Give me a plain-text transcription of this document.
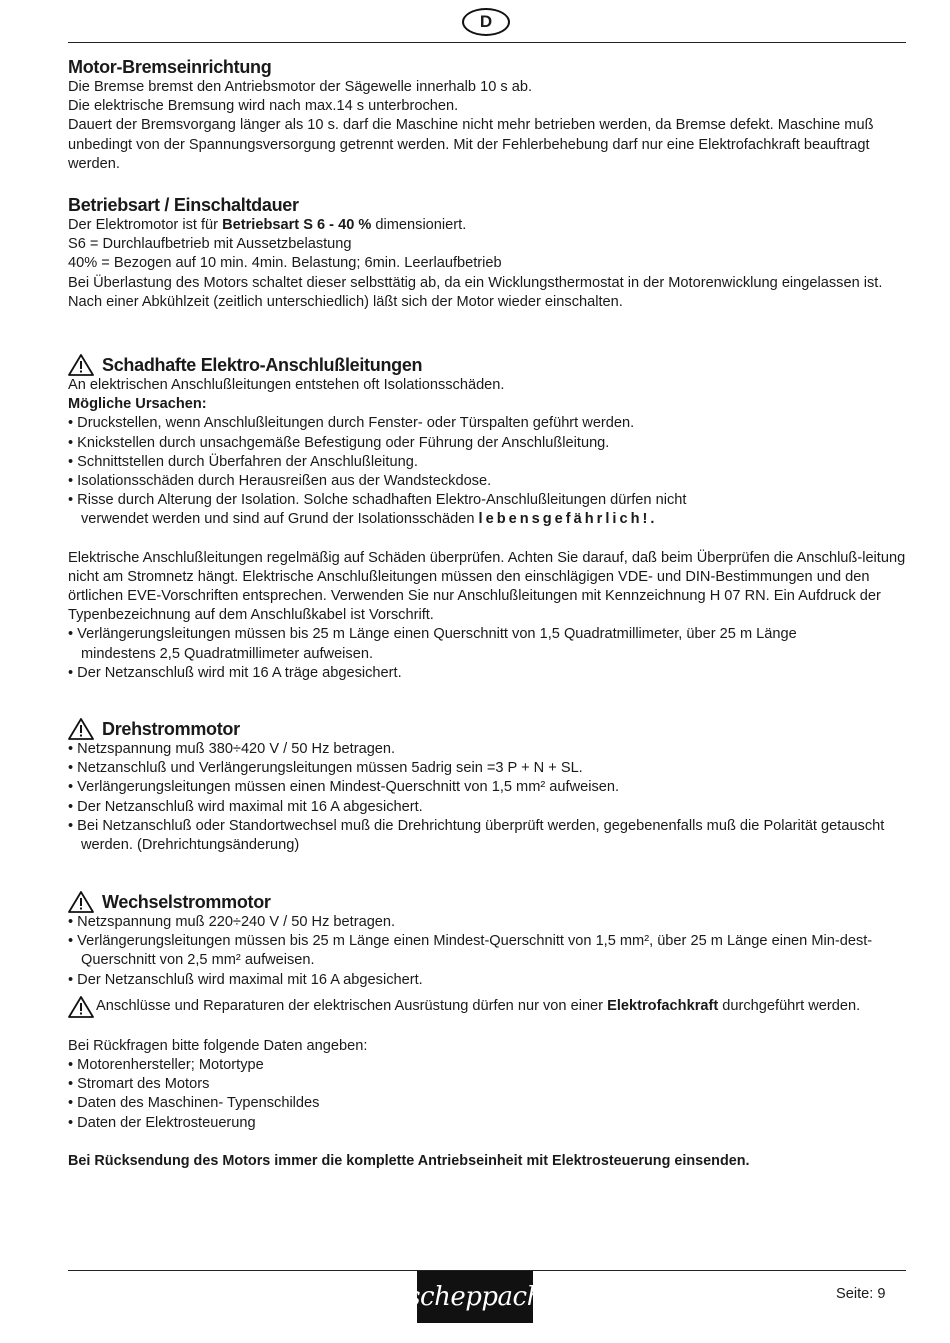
D
Motor-Bremseinrichtung

Die Bremse bremst den Antriebsmotor der Sägewelle innerhalb 10 s ab.

Die elektrische Bremsung wird nach max.14 s unterbrochen.

Dauert der Bremsvorgang länger als 10 s. darf die Maschine nicht mehr betrieben werden, da Bremse defekt. Maschine muß unbedingt von der Spannungsversorgung getrennt werden. Mit der Fehlerbehebung darf nur eine Elektrofachkraft beauftragt werden.

Betriebsart / Einschaltdauer

Der Elektromotor ist für Betriebsart S 6 - 40 % dimensioniert.

S6 = Durchlaufbetrieb mit Aussetzbelastung

40% = Bezogen auf 10 min. 4min. Belastung; 6min. Leerlaufbetrieb

Bei Überlastung des Motors schaltet dieser selbsttätig ab, da ein Wicklungsthermostat in der Motorenwicklung eingelassen ist. Nach einer Abkühlzeit (zeitlich unterschiedlich) läßt sich der Motor wieder einschalten.

Schadhafte Elektro-Anschlußleitungen

An elektrischen Anschlußleitungen entstehen oft Isolationsschäden.

Mögliche Ursachen:

• Druckstellen, wenn Anschlußleitungen durch Fenster- oder Türspalten geführt werden.
• Knickstellen durch unsachgemäße Befestigung oder Führung der Anschlußleitung.
• Schnittstellen durch Überfahren der Anschlußleitung.
• Isolationsschäden durch Herausreißen aus der Wandsteckdose.
• Risse durch Alterung der Isolation. Solche schadhaften Elektro-Anschlußleitungen dürfen nicht verwendet werden und sind auf Grund der Isolationsschäden lebensgefährlich!.

Elektrische Anschlußleitungen regelmäßig auf Schäden überprüfen. Achten Sie darauf, daß beim Überprüfen die Anschluß-leitung nicht am Stromnetz hängt. Elektrische Anschlußleitungen müssen den einschlägigen VDE- und DIN-Bestimmungen und den örtlichen EVE-Vorschriften entsprechen. Verwenden Sie nur Anschlußleitungen mit Kennzeichnung H 07 RN. Ein Aufdruck der Typenbezeichnung auf dem Anschlußkabel ist Vorschrift.

• Verlängerungsleitungen müssen bis 25 m Länge einen Querschnitt von 1,5 Quadratmillimeter, über 25 m Länge mindestens 2,5 Quadratmillimeter aufweisen.
• Der Netzanschluß wird mit 16 A träge abgesichert.
Drehstrommotor
• Netzspannung muß 380÷420 V / 50 Hz betragen.
• Netzanschluß und Verlängerungsleitungen müssen 5adrig sein =3 P + N + SL.
• Verlängerungsleitungen müssen einen Mindest-Querschnitt von 1,5 mm² aufweisen.
• Der Netzanschluß wird maximal mit 16 A abgesichert.
• Bei Netzanschluß oder Standortwechsel muß die Drehrichtung überprüft werden, gegebenenfalls muß die Polarität getauscht werden. (Drehrichtungsänderung)
Wechselstrommotor
• Netzspannung muß 220÷240 V / 50 Hz betragen.
• Verlängerungsleitungen müssen bis 25 m Länge einen Mindest-Querschnitt von 1,5 mm², über 25 m Länge einen Min-dest-Querschnitt von 2,5 mm² aufweisen.
• Der Netzanschluß wird maximal mit 16 A abgesichert.

Anschlüsse und Reparaturen der elektrischen Ausrüstung dürfen nur von einer Elektrofachkraft durchgeführt werden.

Bei Rückfragen bitte folgende Daten angeben:

• Motorenhersteller; Motortype
• Stromart des Motors
• Daten des Maschinen- Typenschildes
• Daten der Elektrosteuerung

Bei Rücksendung des Motors immer die komplette Antriebseinheit mit Elektrosteuerung einsenden.

scheppach	Seite: 9
